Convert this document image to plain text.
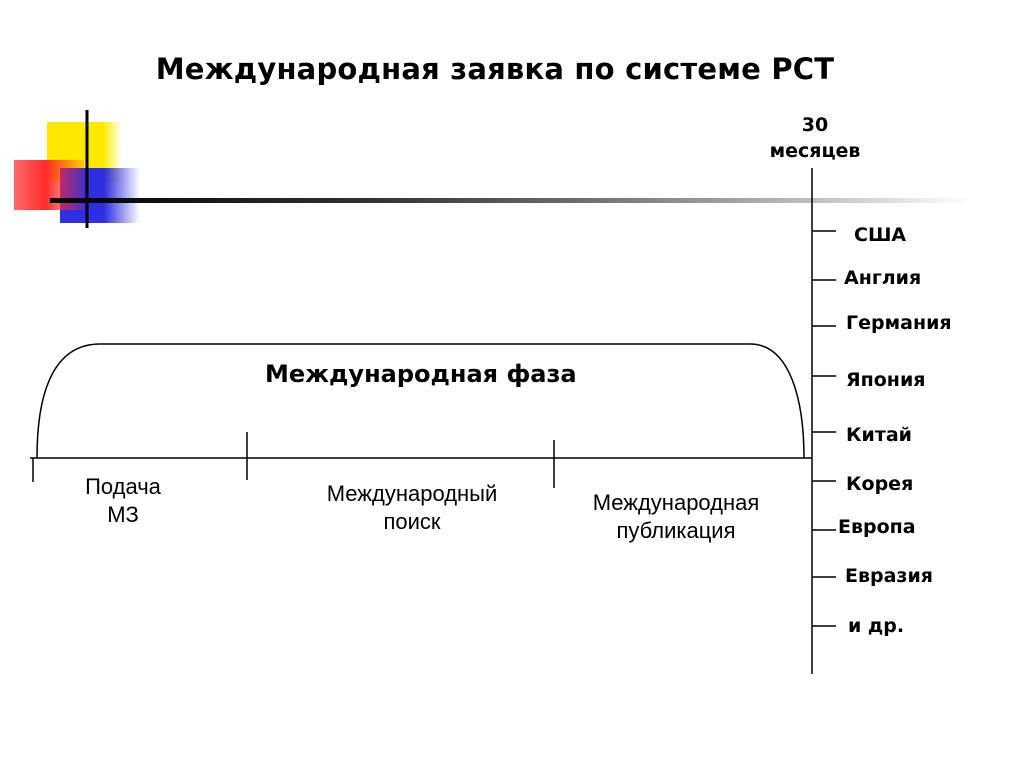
Международная заявка по системе PCT
30
месяцев
Международная фаза
Подача
МЗ
Международный
поиск
Международная
публикация
США
Англия
Германия
Япония
Китай
Корея
Европа
Евразия
и др.
